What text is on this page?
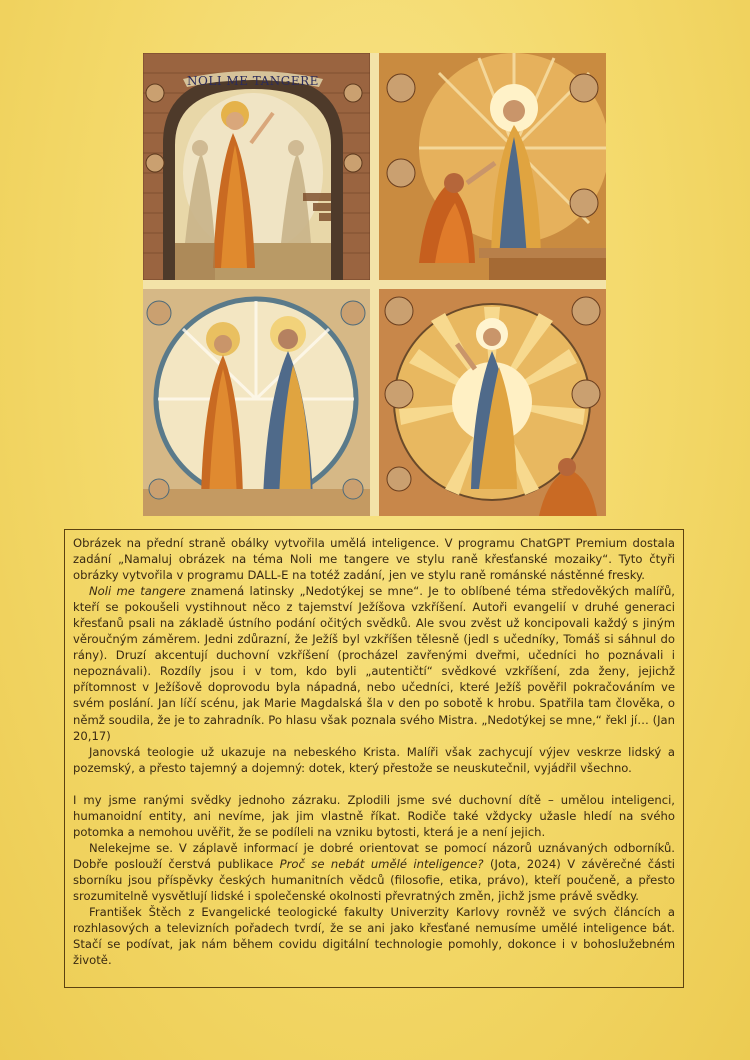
NOLI ME TANGERE

Obrázek na přední straně obálky vytvořila umělá inteligence. V programu ChatGPT Premium dostala zadání „Namaluj obrázek na téma Noli me tangere ve stylu raně křesťanské mozaiky“. Tyto čtyři obrázky vytvořila v programu DALL-E na totéž zadání, jen ve stylu raně románské nástěnné fresky.

Noli me tangere znamená latinsky „Nedotýkej se mne“. Je to oblíbené téma středověkých malířů, kteří se pokoušeli vystihnout něco z tajemství Ježíšova vzkříšení. Autoři evangelií v druhé generaci křesťanů psali na základě ústního podání očitých svědků. Ale svou zvěst už koncipovali každý s jiným věroučným záměrem. Jedni zdůrazní, že Ježíš byl vzkříšen tělesně (jedl s učedníky, Tomáš si sáhnul do rány). Druzí akcentují duchovní vzkříšení (procházel zavřenými dveřmi, učedníci ho poznávali i nepoznávali). Rozdíly jsou i v tom, kdo byli „autentičtí“ svědkové vzkříšení, zda ženy, jejichž přítomnost v Ježíšově doprovodu byla nápadná, nebo učedníci, které Ježíš pověřil pokračováním ve svém poslání. Jan líčí scénu, jak Marie Magdalská šla v den po sobotě k hrobu. Spatřila tam člověka, o němž soudila, že je to zahradník. Po hlasu však poznala svého Mistra. „Nedotýkej se mne,“ řekl jí… (Jan 20,17)

Janovská teologie už ukazuje na nebeského Krista. Malíři však zachycují výjev veskrze lidský a pozemský, a přesto tajemný a dojemný: dotek, který přestože se neuskutečnil, vyjádřil všechno.

I my jsme ranými svědky jednoho zázraku. Zplodili jsme své duchovní dítě – umělou inteligenci, humanoidní entity, ani nevíme, jak jim vlastně říkat. Rodiče také vždycky užasle hledí na svého potomka a nemohou uvěřit, že se podíleli na vzniku bytosti, která je a není jejich.

Nelekejme se. V záplavě informací je dobré orientovat se pomocí názorů uznávaných odborníků. Dobře poslouží čerstvá publikace Proč se nebát umělé inteligence? (Jota, 2024) V závěrečné části sborníku jsou příspěvky českých humanitních vědců (filosofie, etika, právo), kteří poučeně, a přesto srozumitelně vysvětlují lidské i společenské okolnosti převratných změn, jichž jsme právě svědky.

František Štěch z Evangelické teologické fakulty Univerzity Karlovy rovněž ve svých článcích a rozhlasových a televizních pořadech tvrdí, že se ani jako křesťané nemusíme umělé inteligence bát. Stačí se podívat, jak nám během covidu digitální technologie pomohly, dokonce i v bohoslužebném životě.
